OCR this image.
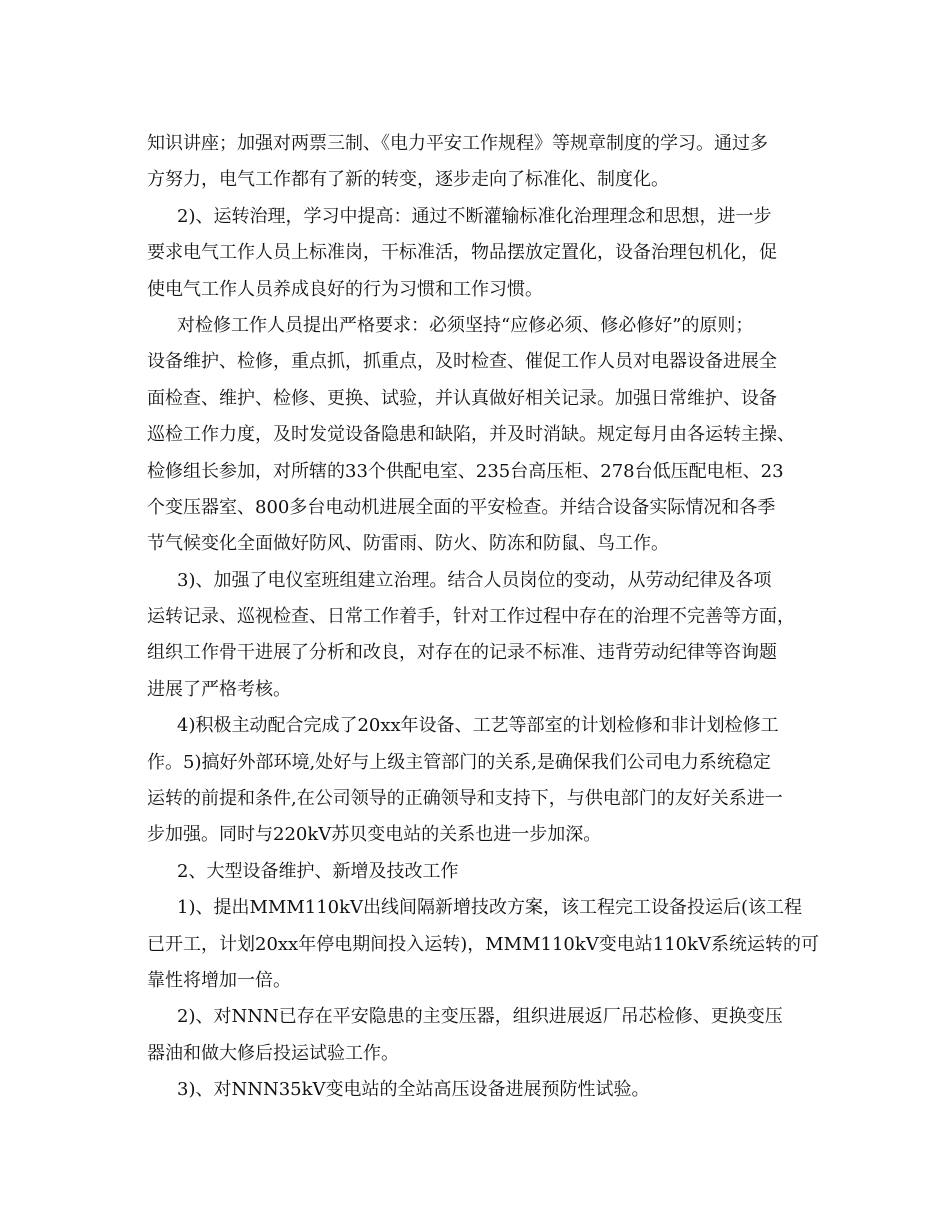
知识讲座；加强对两票三制、《电力平安工作规程》等规章制度的学习。通过多
方努力，电气工作都有了新的转变，逐步走向了标准化、制度化。
2)、运转治理，学习中提高：通过不断灌输标准化治理理念和思想，进一步
要求电气工作人员上标准岗，干标准活，物品摆放定置化，设备治理包机化，促
使电气工作人员养成良好的行为习惯和工作习惯。
对检修工作人员提出严格要求：必须坚持“应修必须、修必修好”的原则；
设备维护、检修，重点抓，抓重点，及时检查、催促工作人员对电器设备进展全
面检查、维护、检修、更换、试验，并认真做好相关记录。加强日常维护、设备
巡检工作力度，及时发觉设备隐患和缺陷，并及时消缺。规定每月由各运转主操、
检修组长参加，对所辖的33个供配电室、235台高压柜、278台低压配电柜、23
个变压器室、800多台电动机进展全面的平安检查。并结合设备实际情况和各季
节气候变化全面做好防风、防雷雨、防火、防冻和防鼠、鸟工作。
3)、加强了电仪室班组建立治理。结合人员岗位的变动，从劳动纪律及各项
运转记录、巡视检查、日常工作着手，针对工作过程中存在的治理不完善等方面，
组织工作骨干进展了分析和改良，对存在的记录不标准、违背劳动纪律等咨询题
进展了严格考核。
4)积极主动配合完成了20xx年设备、工艺等部室的计划检修和非计划检修工
作。5)搞好外部环境,处好与上级主管部门的关系,是确保我们公司电力系统稳定
运转的前提和条件,在公司领导的正确领导和支持下，与供电部门的友好关系进一
步加强。同时与220kV苏贝变电站的关系也进一步加深。
2、大型设备维护、新增及技改工作
1)、提出MMM110kV出线间隔新增技改方案，该工程完工设备投运后(该工程
已开工，计划20xx年停电期间投入运转)，MMM110kV变电站110kV系统运转的可
靠性将增加一倍。
2)、对NNN已存在平安隐患的主变压器，组织进展返厂吊芯检修、更换变压
器油和做大修后投运试验工作。
3)、对NNN35kV变电站的全站高压设备进展预防性试验。
